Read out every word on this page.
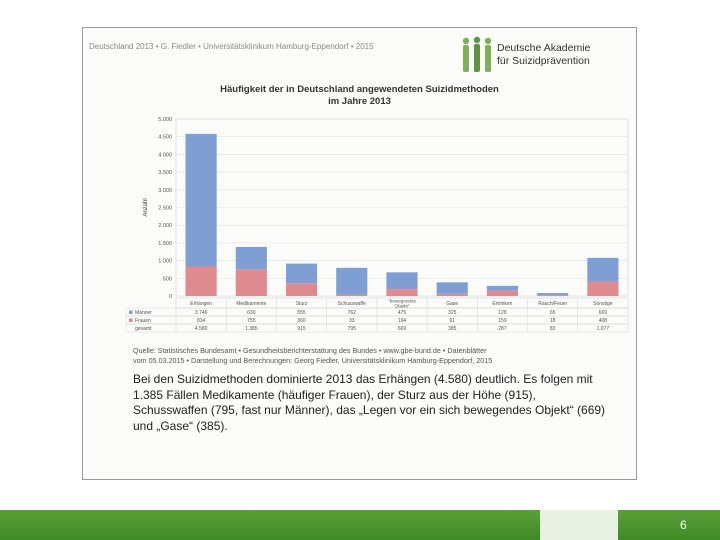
Deutschland 2013 • G. Fiedler • Universitätsklinikum Hamburg-Eppendorf • 2015	Deutsche Akademie
für Suizidprävention
Häufigkeit der in Deutschland angewendeten Suizidmethoden
im Jahre 2013
0
500
1.000
1.500
2.000
2.500
3.000
3.500
4.000
4.500
5.000
Anzahl
Erhängen	Medikamente	Sturz	Schusswaffe	"bewegendes
Objekt"	Gase	Ertrinken	Rauch/Feuer	Sonstige
Männer	3.746	630	555	762	475	325	128	65	669
Frauen	834	755	360	33	194	61	159	18	408
gesamt	4.580	1.385	915	795	669	385	287	83	1.077
Quelle: Statistisches Bundesamt • Gesundheitsberichterstattung des Bundes • www.gbe-bund.de • Datenblätter
vom 05.03.2015 • Darstellung und Berechnungen: Georg Fiedler, Universitätsklinikum Hamburg-Eppendorf, 2015
Bei den Suizidmethoden dominierte 2013 das Erhängen (4.580) deutlich. Es folgen mit 1.385 Fällen Medikamente (häufiger Frauen), der Sturz aus der Höhe (915), Schusswaffen (795, fast nur Männer), das „Legen vor ein sich bewegendes Objekt“ (669) und „Gase“ (385).
6
